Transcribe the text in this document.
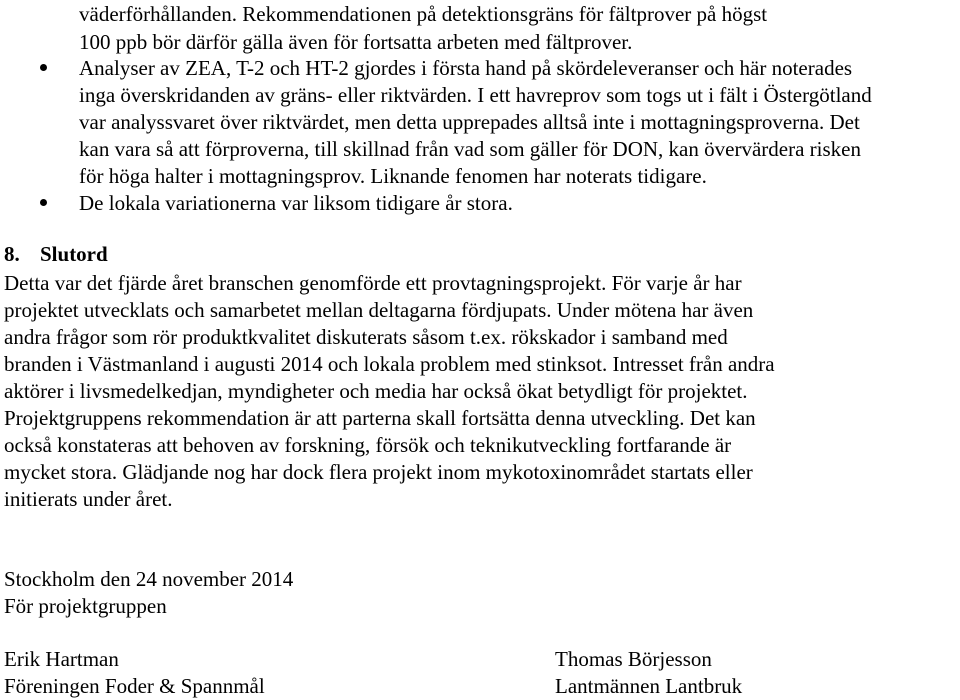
väderförhållanden. Rekommendationen på detektionsgräns för fältprover på högst
100 ppb bör därför gälla även för fortsatta arbeten med fältprover.
Analyser av ZEA, T-2 och HT-2 gjordes i första hand på skördeleveranser och här noterades
inga överskridanden av gräns- eller riktvärden. I ett havreprov som togs ut i fält i Östergötland
var analyssvaret över riktvärdet, men detta upprepades alltså inte i mottagningsproverna. Det
kan vara så att förproverna, till skillnad från vad som gäller för DON, kan övervärdera risken
för höga halter i mottagningsprov. Liknande fenomen har noterats tidigare.
De lokala variationerna var liksom tidigare år stora.
8. Slutord
Detta var det fjärde året branschen genomförde ett provtagningsprojekt. För varje år har
projektet utvecklats och samarbetet mellan deltagarna fördjupats. Under mötena har även
andra frågor som rör produktkvalitet diskuterats såsom t.ex. rökskador i samband med
branden i Västmanland i augusti 2014 och lokala problem med stinksot. Intresset från andra
aktörer i livsmedelkedjan, myndigheter och media har också ökat betydligt för projektet.
Projektgruppens rekommendation är att parterna skall fortsätta denna utveckling. Det kan
också konstateras att behoven av forskning, försök och teknikutveckling fortfarande är
mycket stora. Glädjande nog har dock flera projekt inom mykotoxinområdet startats eller
initierats under året.
Stockholm den 24 november 2014
För projektgruppen
Erik Hartman
Föreningen Foder & Spannmål
Thomas Börjesson
Lantmännen Lantbruk
